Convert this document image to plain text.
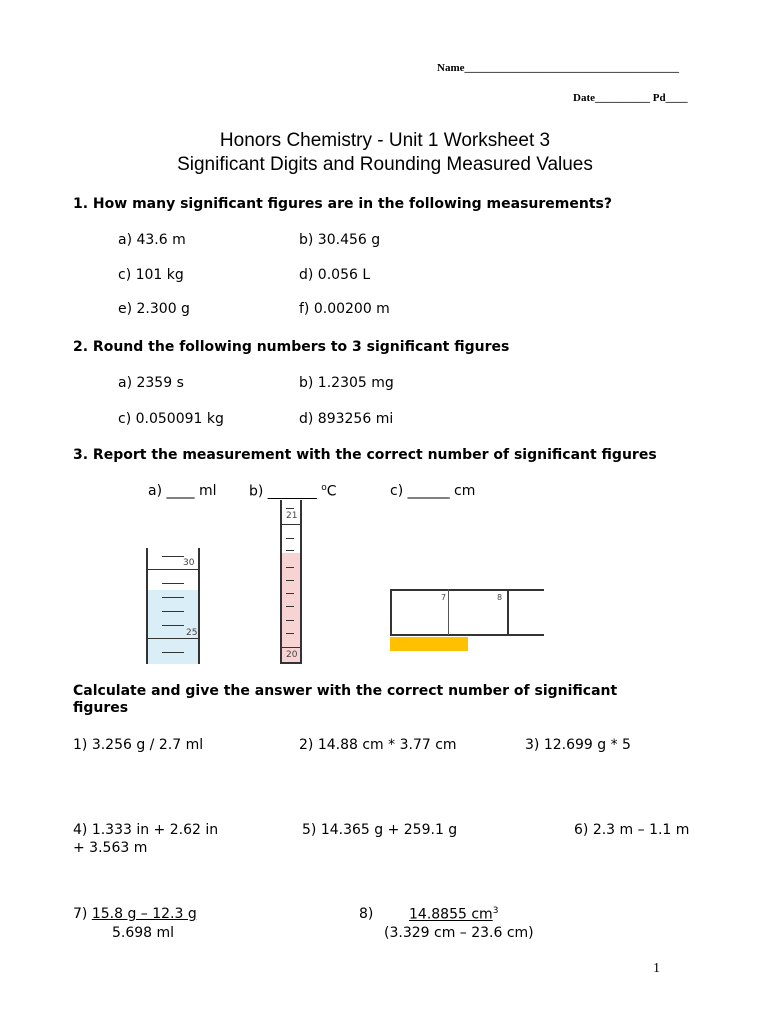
Name_______________________________________
Date__________ Pd____
Honors Chemistry - Unit 1 Worksheet 3
Significant Digits and Rounding Measured Values
1. How many significant figures are in the following measurements?
a) 43.6 m	b) 30.456 g
c) 101 kg	d) 0.056 L
e) 2.300 g	f) 0.00200 m
2. Round the following numbers to 3 significant figures
a) 2359 s	b) 1.2305 mg
c) 0.050091 kg	d) 893256 mi
3. Report the measurement with the correct number of significant figures
a) ____ ml b) _______ $^o$C	c) ______ cm
30
25
21
20
7	8
Calculate and give the answer with the correct number of significant
figures
1) 3.256 g / 2.7 ml	2) 14.88 cm * 3.77 cm	3) 12.699 g * 5
4) 1.333 in + 2.62 in
+ 3.563 m
5) 14.365 g + 259.1 g	6) 2.3 m – 1.1 m
7) 15.8 g – 12.3 g
5.698 ml
8)	14.8855 $cm^3$
(3.329 cm – 23.6 cm)
1
